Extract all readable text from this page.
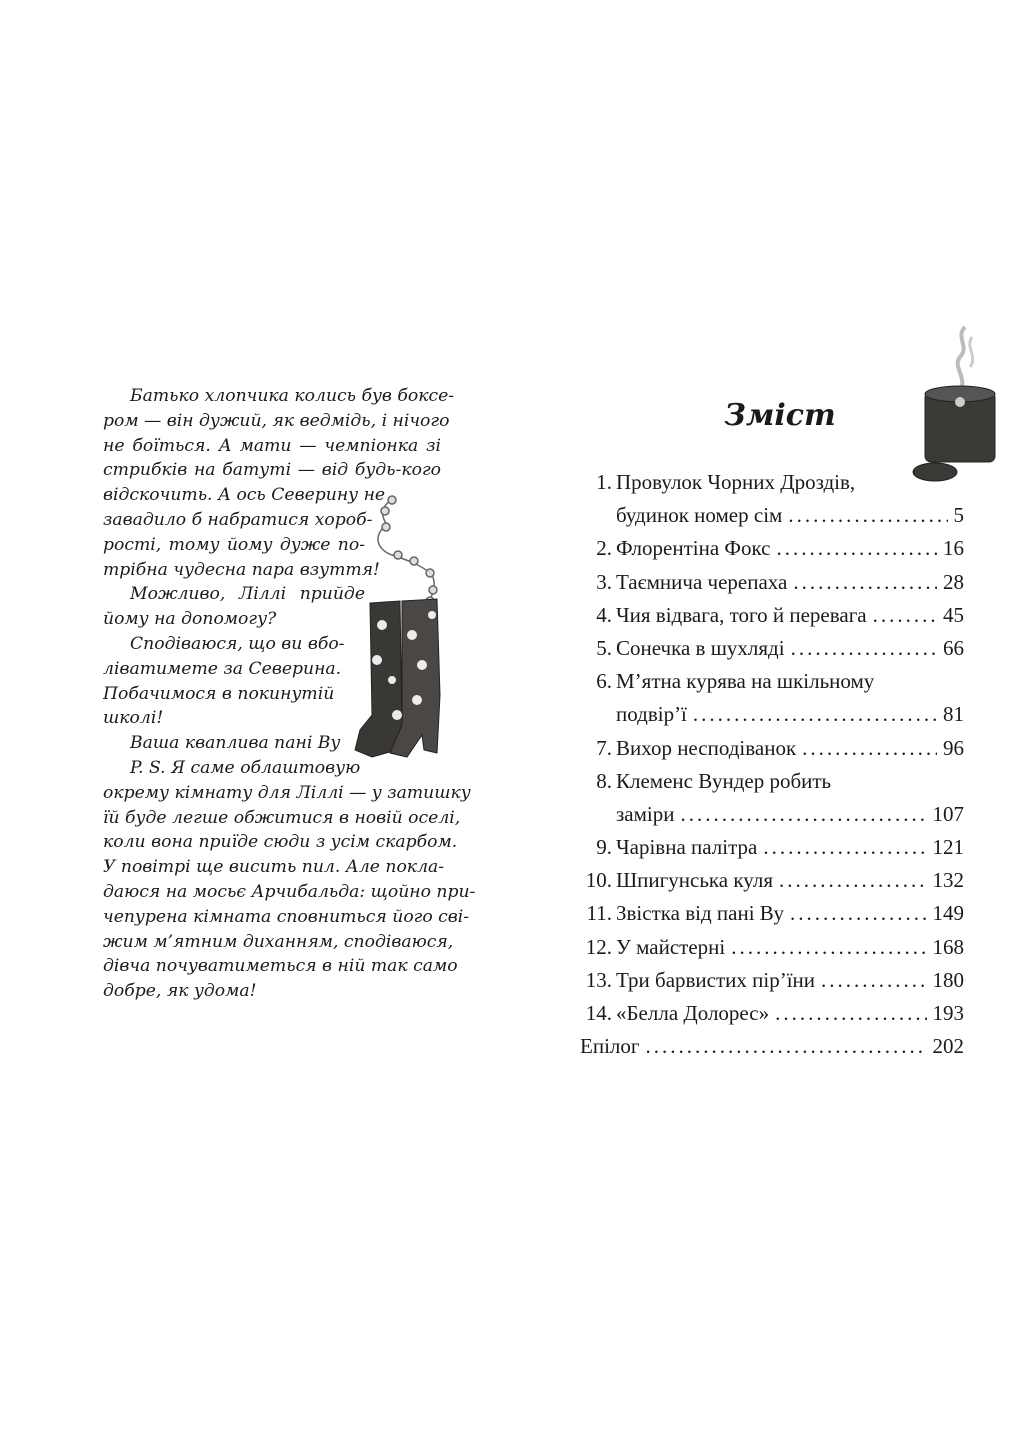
Батько хлопчика колись був боксе-
ром — він дужий, як ведмідь, і нічого
не боїться. А мати — чемпіонка зі
стрибків на батуті — від будь-кого
відскочить. А ось Северину не
завадило б набратися хороб-
рості, тому йому дуже по-
трібна чудесна пара взуття!
Можливо, Ліллі прийде
йому на допомогу?
Сподіваюся, що ви вбо-
ліватимете за Северина.
Побачимося в покинутій
школі!
Ваша кваплива пані Ву
P. S. Я саме облаштовую
окрему кімнату для Ліллі — у затишку
їй буде легше обжитися в новій оселі,
коли вона приїде сюди з усім скарбом.
У повітрі ще висить пил. Але покла-
даюся на мосьє Арчибальда: щойно при-
чепурена кімната сповниться його сві-
жим м’ятним диханням, сподіваюся,
дівча почуватиметься в ній так само
добре, як удома!
Зміст
1. Провулок Чорних Дроздів,
будинок номер сім .....	5
2. Флорентіна Фокс .....	16
3. Таємнича черепаха .....	28
4. Чия відвага, того й перевага .....	45
5. Сонечка в шухляді .....	66
6. М’ятна курява на шкільному
подвір’ї .....	81
7. Вихор несподіванок .....	96
8. Клеменс Вундер робить
заміри .....	107
9. Чарівна палітра .....	121
10. Шпигунська куля .....	132
11. Звістка від пані Ву .....	149
12. У майстерні .....	168
13. Три барвистих пір’їни .....	180
14. «Белла Долорес» .....	193
Епілог .....	202
